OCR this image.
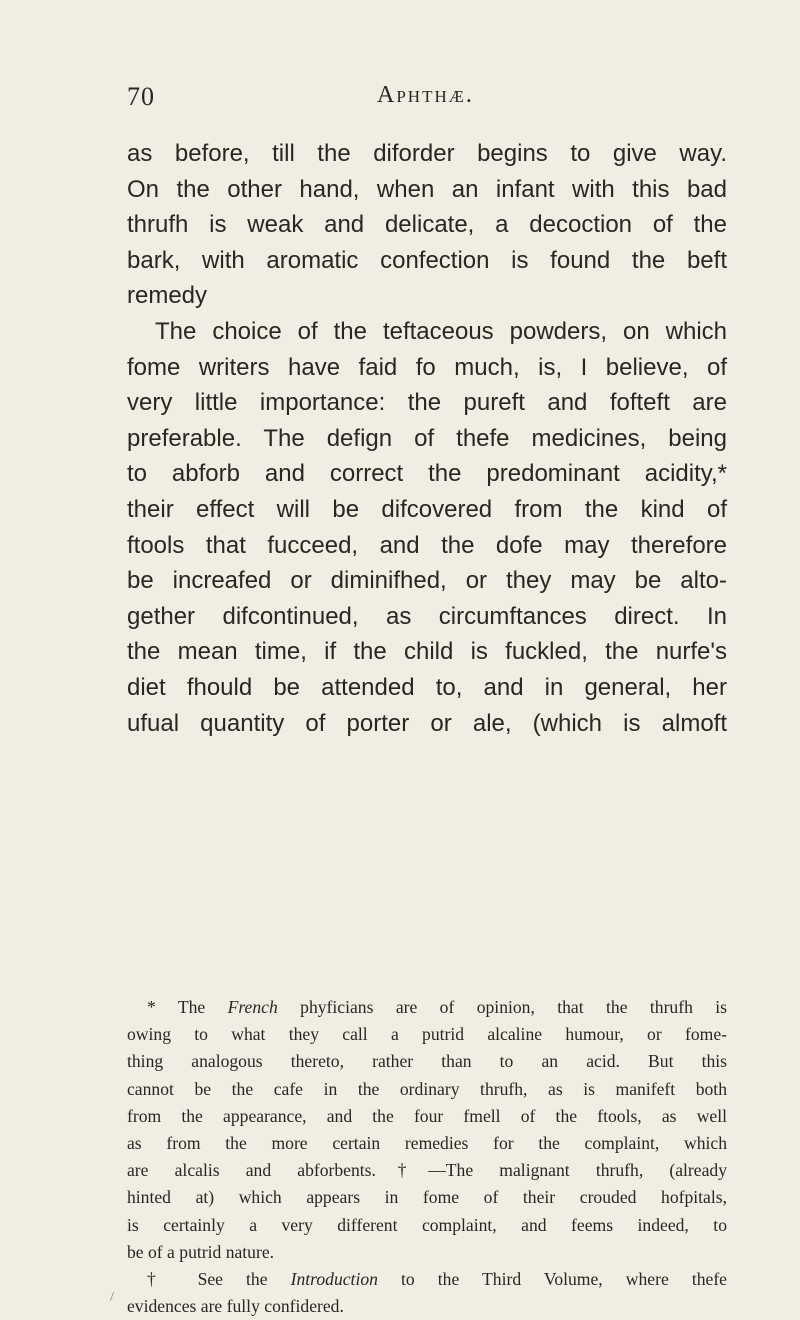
70	Aphthæ.
as before, till the diforder begins to give way.
On the other hand, when an infant with this bad
thrufh is weak and delicate, a decoction of the
bark, with aromatic confection is found the beft
remedy
The choice of the teftaceous powders, on which
fome writers have faid fo much, is, I believe, of
very little importance: the pureft and fofteft are
preferable. The defign of thefe medicines, being
to abforb and correct the predominant acidity,*
their effect will be difcovered from the kind of
ftools that fucceed, and the dofe may therefore
be increafed or diminifhed, or they may be alto-
gether difcontinued, as circumftances direct. In
the mean time, if the child is fuckled, the nurfe's
diet fhould be attended to, and in general, her
ufual quantity of porter or ale, (which is almoft
* The French phyficians are of opinion, that the thrufh is
owing to what they call a putrid alcaline humour, or fome-
thing analogous thereto, rather than to an acid. But this
cannot be the cafe in the ordinary thrufh, as is manifeft both
from the appearance, and the four fmell of the ftools, as well
as from the more certain remedies for the complaint, which
are alcalis and abforbents.†—The malignant thrufh, (already
hinted at) which appears in fome of their crouded hofpitals,
is certainly a very different complaint, and feems indeed, to
be of a putrid nature.
† See the Introduction to the Third Volume, where thefe
evidences are fully confidered.
/
